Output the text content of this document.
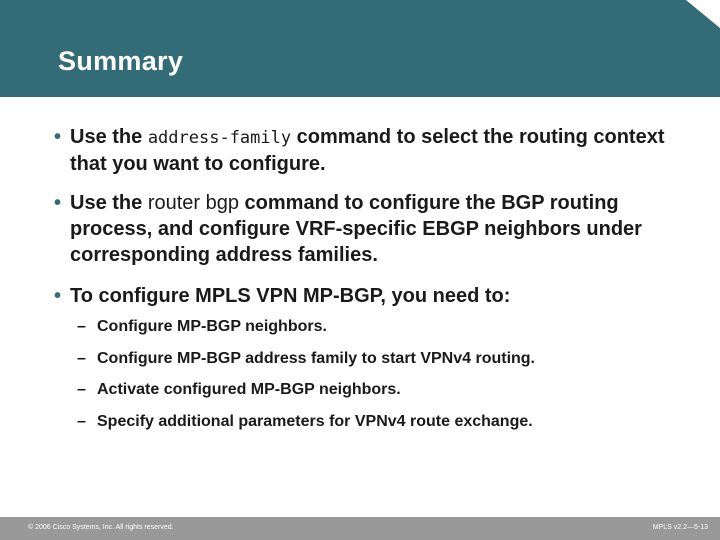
Summary
• Use the address-family command to select the routing context that you want to configure.
• Use the router bgp command to configure the BGP routing process, and configure VRF-specific EBGP neighbors under corresponding address families.
• To configure MPLS VPN MP-BGP, you need to:
– Configure MP-BGP neighbors.
– Configure MP-BGP address family to start VPNv4 routing.
– Activate configured MP-BGP neighbors.
– Specify additional parameters for VPNv4 route exchange.
© 2006 Cisco Systems, Inc. All rights reserved.	MPLS v2.2—5-13
